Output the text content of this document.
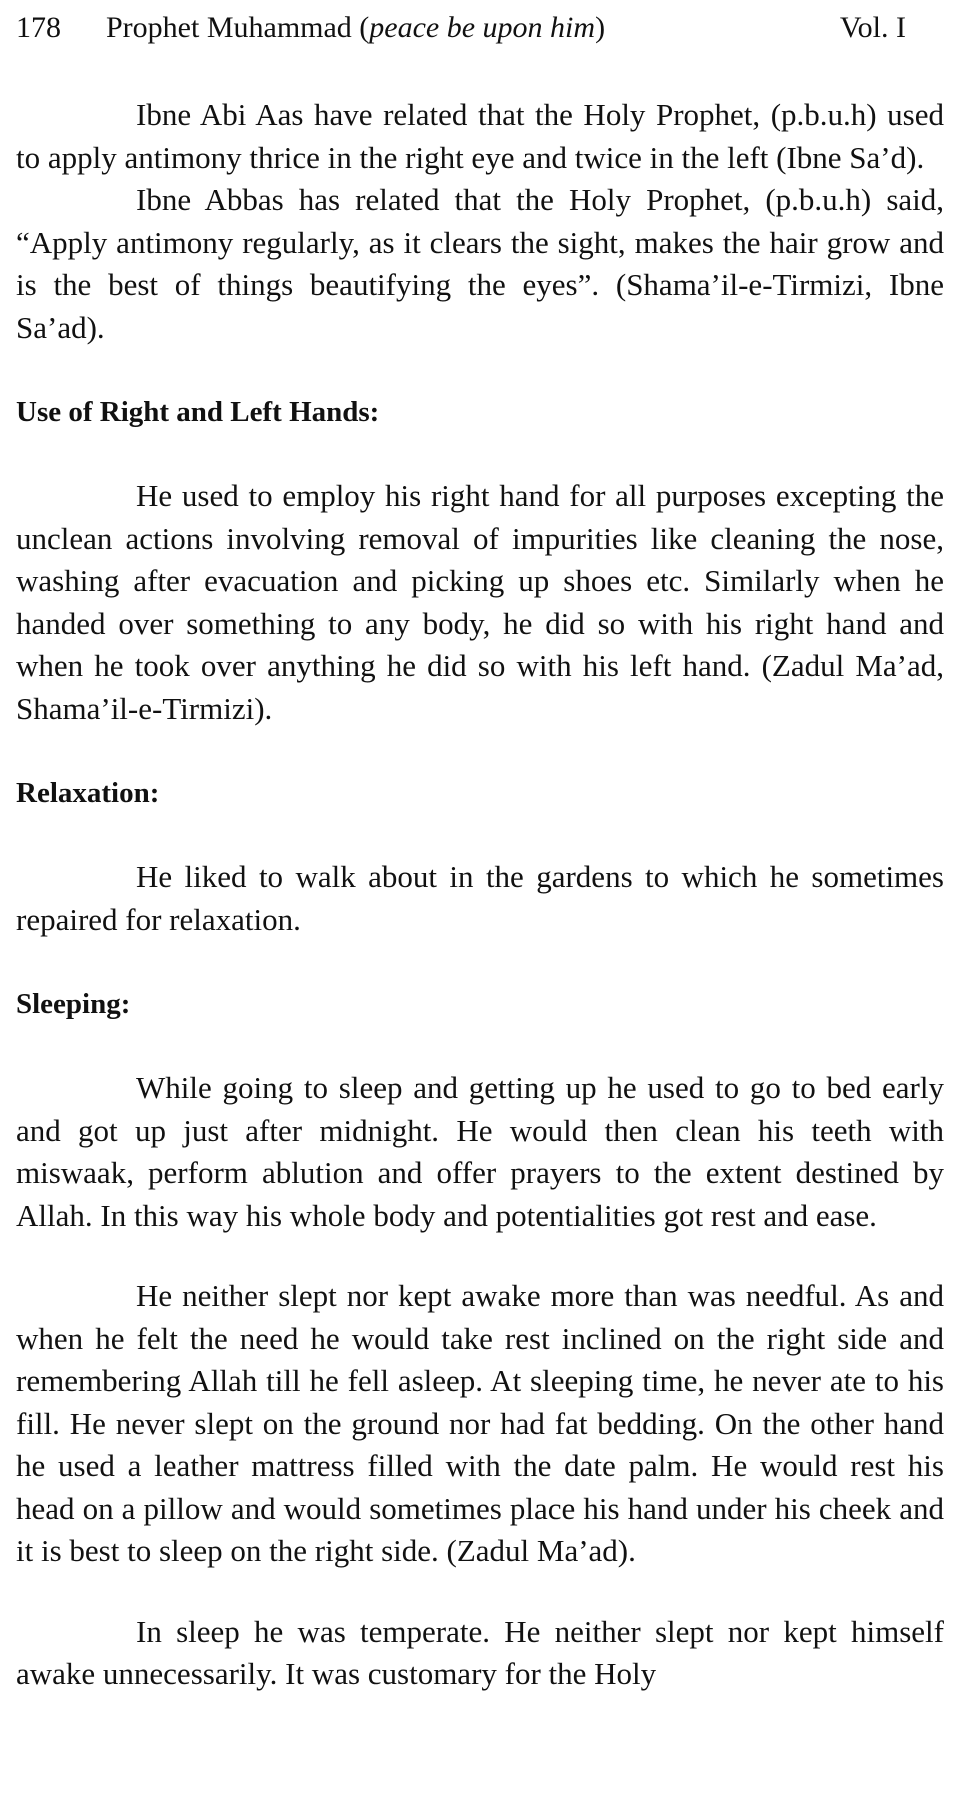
178	Prophet Muhammad (peace be upon him)	Vol. I

Ibne Abi Aas have related that the Holy Prophet, (p.b.u.h) used to apply antimony thrice in the right eye and twice in the left (Ibne Sa’d).

Ibne Abbas has related that the Holy Prophet, (p.b.u.h) said, “Apply antimony regularly, as it clears the sight, makes the hair grow and is the best of things beautifying the eyes”. (Shama’il-e-Tirmizi, Ibne Sa’ad).

Use of Right and Left Hands:

He used to employ his right hand for all purposes excepting the unclean actions involving removal of impurities like cleaning the nose, washing after evacuation and picking up shoes etc. Similarly when he handed over something to any body, he did so with his right hand and when he took over anything he did so with his left hand. (Zadul Ma’ad, Shama’il-e-Tirmizi).

Relaxation:

He liked to walk about in the gardens to which he sometimes repaired for relaxation.

Sleeping:

While going to sleep and getting up he used to go to bed early and got up just after midnight. He would then clean his teeth with miswaak, perform ablution and offer prayers to the extent destined by Allah. In this way his whole body and potentialities got rest and ease.

He neither slept nor kept awake more than was needful. As and when he felt the need he would take rest inclined on the right side and remembering Allah till he fell asleep. At sleeping time, he never ate to his fill. He never slept on the ground nor had fat bedding. On the other hand he used a leather mattress filled with the date palm. He would rest his head on a pillow and would sometimes place his hand under his cheek and it is best to sleep on the right side. (Zadul Ma’ad).

In sleep he was temperate. He neither slept nor kept himself awake unnecessarily. It was customary for the Holy
